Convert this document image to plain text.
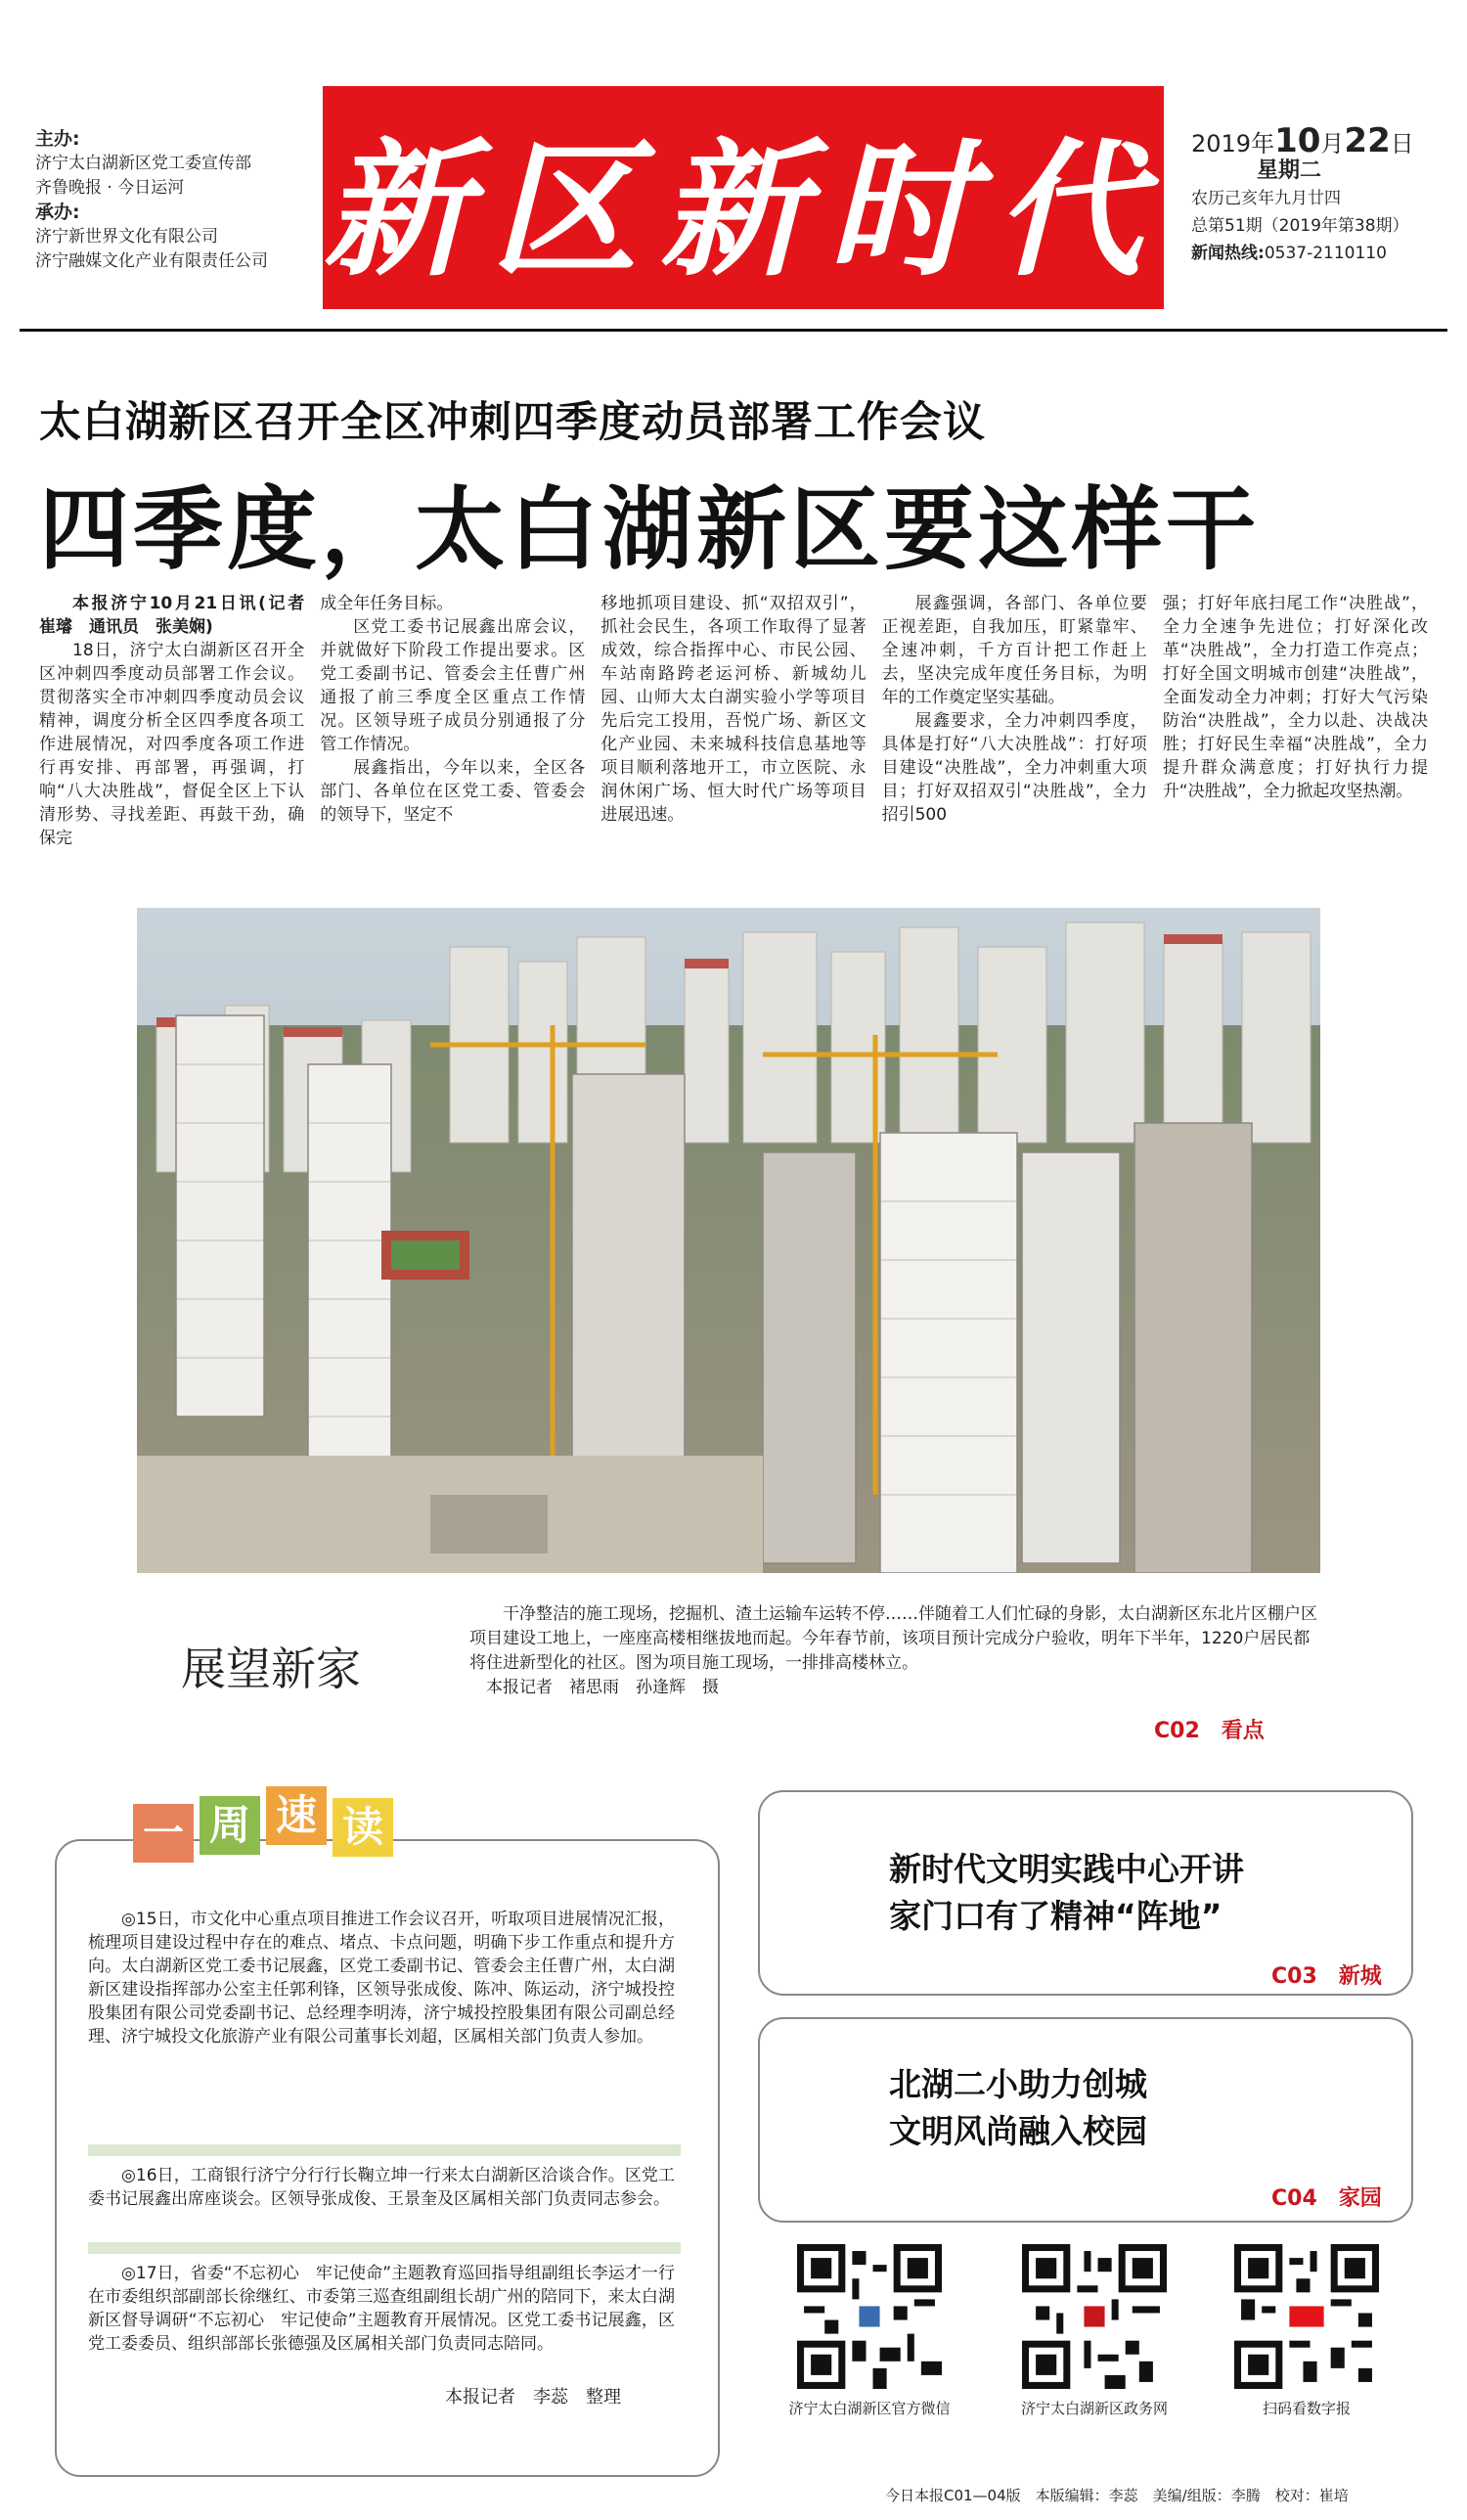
主办:
济宁太白湖新区党工委宣传部
齐鲁晚报 · 今日运河
承办:
济宁新世界文化有限公司
济宁融媒文化产业有限责任公司 新区新时代 2019年10月22日
星期二
农历己亥年九月廿四
总第51期（2019年第38期）
新闻热线:0537-2110110
太白湖新区召开全区冲刺四季度动员部署工作会议
四季度，太白湖新区要这样干

本报济宁10月21日讯(记者　崔璿　通讯员　张美娴)

18日，济宁太白湖新区召开全区冲刺四季度动员部署工作会议。贯彻落实全市冲刺四季度动员会议精神，调度分析全区四季度各项工作进展情况，对四季度各项工作进行再安排、再部署，再强调，打响“八大决胜战”，督促全区上下认清形势、寻找差距、再鼓干劲，确保完

成全年任务目标。

区党工委书记展鑫出席会议，并就做好下阶段工作提出要求。区党工委副书记、管委会主任曹广州通报了前三季度全区重点工作情况。区领导班子成员分别通报了分管工作情况。

展鑫指出，今年以来，全区各部门、各单位在区党工委、管委会的领导下，坚定不

移地抓项目建设、抓“双招双引”，抓社会民生，各项工作取得了显著成效，综合指挥中心、市民公园、车站南路跨老运河桥、新城幼儿园、山师大太白湖实验小学等项目先后完工投用，吾悦广场、新区文化产业园、未来城科技信息基地等项目顺利落地开工，市立医院、永润休闲广场、恒大时代广场等项目进展迅速。

展鑫强调，各部门、各单位要正视差距，自我加压，盯紧靠牢、全速冲刺，千方百计把工作赶上去，坚决完成年度任务目标，为明年的工作奠定坚实基础。

展鑫要求，全力冲刺四季度，具体是打好“八大决胜战”：打好项目建设“决胜战”，全力冲刺重大项目；打好双招双引“决胜战”，全力招引500

强；打好年底扫尾工作“决胜战”，全力全速争先进位；打好深化改革“决胜战”，全力打造工作亮点；打好全国文明城市创建“决胜战”，全面发动全力冲刺；打好大气污染防治“决胜战”，全力以赴、决战决胜；打好民生幸福“决胜战”，全力提升群众满意度；打好执行力提升“决胜战”，全力掀起攻坚热潮。

展望新家

干净整洁的施工现场，挖掘机、渣土运输车运转不停……伴随着工人们忙碌的身影，太白湖新区东北片区棚户区项目建设工地上，一座座高楼相继拔地而起。今年春节前，该项目预计完成分户验收，明年下半年，1220户居民都将住进新型化的社区。图为项目施工现场，一排排高楼林立。

本报记者　褚思雨　孙逢辉　摄

C02　看点
一 周 速 读

◎15日，市文化中心重点项目推进工作会议召开，听取项目进展情况汇报，梳理项目建设过程中存在的难点、堵点、卡点问题，明确下步工作重点和提升方向。太白湖新区党工委书记展鑫，区党工委副书记、管委会主任曹广州，太白湖新区建设指挥部办公室主任郭利锋，区领导张成俊、陈冲、陈运动，济宁城投控股集团有限公司党委副书记、总经理李明涛，济宁城投控股集团有限公司副总经理、济宁城投文化旅游产业有限公司董事长刘超，区属相关部门负责人参加。

◎16日，工商银行济宁分行行长鞠立坤一行来太白湖新区洽谈合作。区党工委书记展鑫出席座谈会。区领导张成俊、王景奎及区属相关部门负责同志参会。

◎17日，省委“不忘初心　牢记使命”主题教育巡回指导组副组长李运才一行在市委组织部副部长徐继红、市委第三巡查组副组长胡广州的陪同下，来太白湖新区督导调研“不忘初心　牢记使命”主题教育开展情况。区党工委书记展鑫，区党工委委员、组织部部长张德强及区属相关部门负责同志陪同。

本报记者　李蕊　整理
新时代文明实践中心开讲
家门口有了精神“阵地”
C03　新城
北湖二小助力创城
文明风尚融入校园
C04　家园
济宁太白湖新区官方微信	济宁太白湖新区政务网	扫码看数字报
今日本报C01—04版　本版编辑：李蕊　美编/组版：李腾　校对：崔培
